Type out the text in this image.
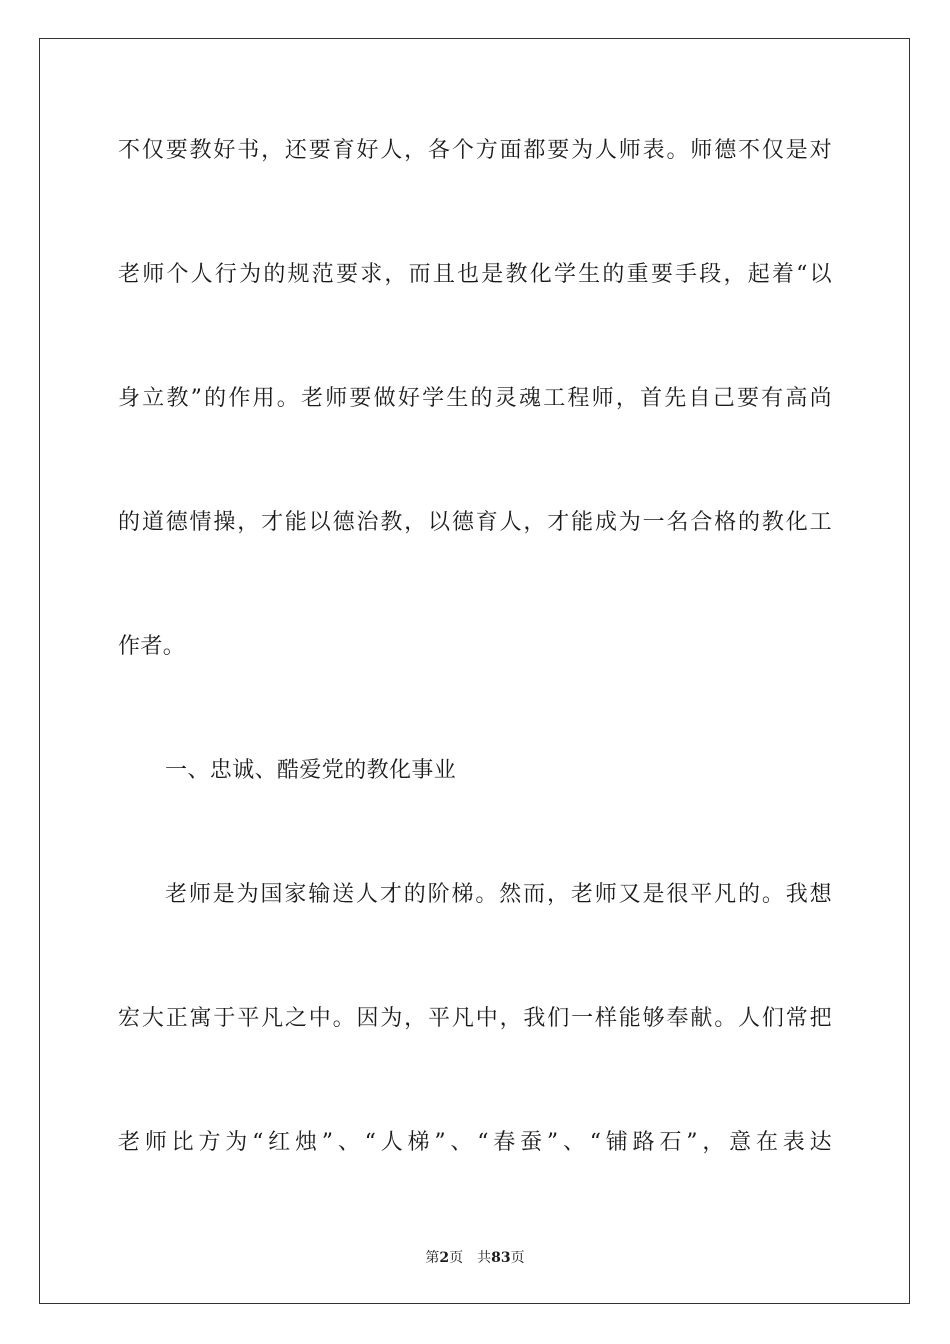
不仅要教好书，还要育好人，各个方面都要为人师表。师德不仅是对
老师个人行为的规范要求，而且也是教化学生的重要手段，起着“以
身立教”的作用。老师要做好学生的灵魂工程师，首先自己要有高尚
的道德情操，才能以德治教，以德育人，才能成为一名合格的教化工
作者。
一、忠诚、酷爱党的教化事业
老师是为国家输送人才的阶梯。然而，老师又是很平凡的。我想
宏大正寓于平凡之中。因为，平凡中，我们一样能够奉献。人们常把
老师比方为“红烛”、“人梯”、“春蚕”、“铺路石”，意在表达
第2页 共83页
